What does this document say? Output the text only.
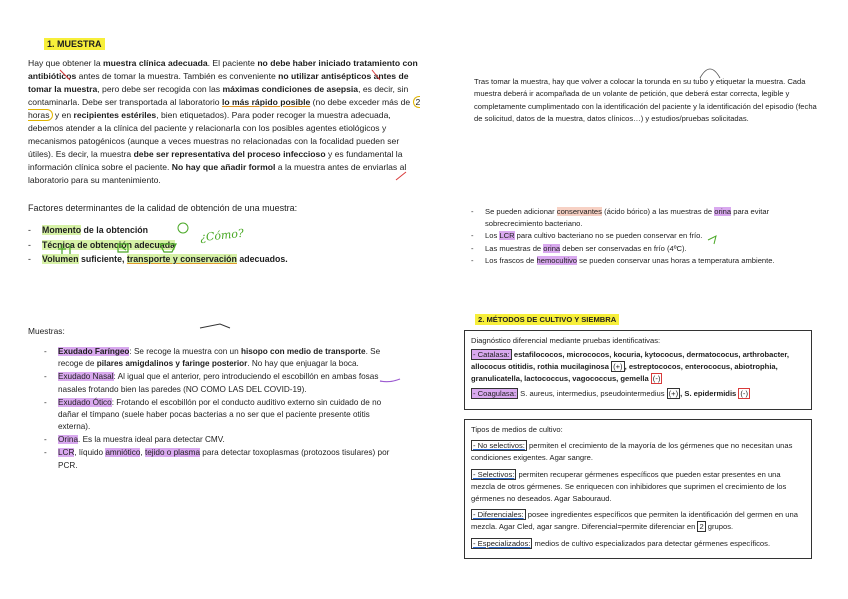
1. MUESTRA

Hay que obtener la muestra clínica adecuada. El paciente no debe haber iniciado tratamiento con antibióticos antes de tomar la muestra. También es conveniente no utilizar antisépticos antes de tomar la muestra, pero debe ser recogida con las máximas condiciones de asepsia, es decir, sin contaminarla. Debe ser transportada al laboratorio lo más rápido posible (no debe exceder más de 2 horas y en recipientes estériles, bien etiquetados). Para poder recoger la muestra adecuada, debemos atender a la clínica del paciente y relacionarla con los posibles agentes etiológicos y mecanismos patogénicos (aunque a veces muestras no relacionadas con la focalidad pueden ser útiles). Es decir, la muestra debe ser representativa del proceso infeccioso y es fundamental la información clínica sobre el paciente. No hay que añadir formol a la muestra antes de enviarlas al laboratorio para su mantenimiento.

Factores determinantes de la calidad de obtención de una muestra:
- Momento de la obtención
- Técnica de obtención adecuada
- Volumen suficiente, transporte y conservación adecuados.
¿Cómo?
Muestras:
- Exudado Faríngeo: Se recoge la muestra con un hisopo con medio de transporte. Se recoge de pilares amigdalinos y faringe posterior. No hay que enjuagar la boca.
- Exudado Nasal: Al igual que el anterior, pero introduciendo el escobillón en ambas fosas nasales frotando bien las paredes (NO COMO LAS DEL COVID-19).
- Exudado Ótico: Frotando el escobillón por el conducto auditivo externo sin cuidado de no dañar el tímpano (suele haber pocas bacterias a no ser que el paciente presente otitis externa).
- Orina. Es la muestra ideal para detectar CMV.
- LCR, líquido amniótico, tejido o plasma para detectar toxoplasmas (protozoos tisulares) por PCR.

Tras tomar la muestra, hay que volver a colocar la torunda en su tubo y etiquetar la muestra. Cada muestra deberá ir acompañada de un volante de petición, que deberá estar correcta, legible y completamente cumplimentado con la identificación del paciente y la identificación del episodio (fecha de solicitud, datos de la muestra, datos clínicos…) y estudios/pruebas solicitadas.

- Se pueden adicionar conservantes (ácido bórico) a las muestras de orina para evitar sobrecrecimiento bacteriano.
- Los LCR para cultivo bacteriano no se pueden conservar en frío.
- Las muestras de orina deben ser conservadas en frío (4ºC).
- Los frascos de hemocultivo se pueden conservar unas horas a temperatura ambiente.
2. MÉTODOS DE CULTIVO Y SIEMBRA
Diagnóstico diferencial mediante pruebas identificativas:
- Catalasa: estafilococos, micrococos, kocuria, kytococus, dermatococus, arthrobacter, allococus otitidis, rothia mucilaginosa (+) , estreptococos, enterococus, abiotrophia, granulicatella, lactococcus, vagococcus, gemella (-)
- Coagulasa: S. aureus, intermedius, pseudointermedius (+) , S. epidermidis (-)
Tipos de medios de cultivo:
- No selectivos: permiten el crecimiento de la mayoría de los gérmenes que no necesitan unas condiciones exigentes. Agar sangre.
- Selectivos: permiten recuperar gérmenes específicos que pueden estar presentes en una mezcla de otros gérmenes. Se enriquecen con inhibidores que suprimen el crecimiento de los gérmenes no deseados. Agar Sabouraud.
- Diferenciales: posee ingredientes específicos que permiten la identificación del germen en una mezcla. Agar Cled, agar sangre. Diferencial=permite diferenciar en 2 grupos.
- Especializados: medios de cultivo especializados para detectar gérmenes específicos.
